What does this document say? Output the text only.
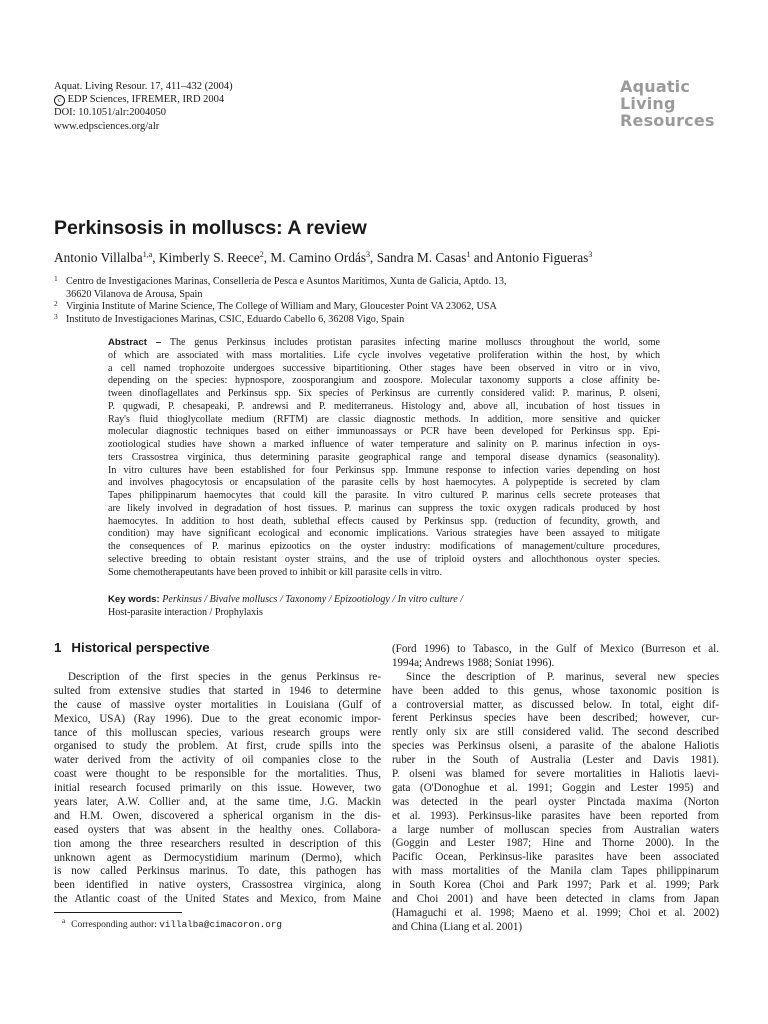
Aquat. Living Resour. 17, 411–432 (2004)
c EDP Sciences, IFREMER, IRD 2004
DOI: 10.1051/alr:2004050
www.edpsciences.org/alr
Aquatic
Living
Resources
Perkinsosis in molluscs: A review
Antonio Villalba$^{1,a}$, Kimberly S. Reece$^2$, M. Camino Ordás$^3$, Sandra M. Casas$^1$ and Antonio Figueras$^3$
1 Centro de Investigaciones Marinas, Consellería de Pesca e Asuntos Marítimos, Xunta de Galicia, Aptdo. 13,
36620 Vilanova de Arousa, Spain
2 Virginia Institute of Marine Science, The College of William and Mary, Gloucester Point VA 23062, USA
3 Instituto de Investigaciones Marinas, CSIC, Eduardo Cabello 6, 36208 Vigo, Spain
Abstract – The genus Perkinsus includes protistan parasites infecting marine molluscs throughout the world, some
of which are associated with mass mortalities. Life cycle involves vegetative proliferation within the host, by which
a cell named trophozoite undergoes successive bipartitioning. Other stages have been observed in vitro or in vivo,
depending on the species: hypnospore, zoosporangium and zoospore. Molecular taxonomy supports a close affinity be-
tween dinoflagellates and Perkinsus spp. Six species of Perkinsus are currently considered valid: P. marinus, P. olseni,
P. qugwadi, P. chesapeaki, P. andrewsi and P. mediterraneus. Histology and, above all, incubation of host tissues in
Ray's fluid thioglycollate medium (RFTM) are classic diagnostic methods. In addition, more sensitive and quicker
molecular diagnostic techniques based on either immunoassays or PCR have been developed for Perkinsus spp. Epi-
zootiological studies have shown a marked influence of water temperature and salinity on P. marinus infection in oys-
ters Crassostrea virginica, thus determining parasite geographical range and temporal disease dynamics (seasonality).
In vitro cultures have been established for four Perkinsus spp. Immune response to infection varies depending on host
and involves phagocytosis or encapsulation of the parasite cells by host haemocytes. A polypeptide is secreted by clam
Tapes philippinarum haemocytes that could kill the parasite. In vitro cultured P. marinus cells secrete proteases that
are likely involved in degradation of host tissues. P. marinus can suppress the toxic oxygen radicals produced by host
haemocytes. In addition to host death, sublethal effects caused by Perkinsus spp. (reduction of fecundity, growth, and
condition) may have significant ecological and economic implications. Various strategies have been assayed to mitigate
the consequences of P. marinus epizootics on the oyster industry: modifications of management/culture procedures,
selective breeding to obtain resistant oyster strains, and the use of triploid oysters and allochthonous oyster species.
Some chemotherapeutants have been proved to inhibit or kill parasite cells in vitro.
Key words: Perkinsus / Bivalve molluscs / Taxonomy / Epizootiology / In vitro culture /
Host-parasite interaction / Prophylaxis
1 Historical perspective
Description of the first species in the genus Perkinsus re-
sulted from extensive studies that started in 1946 to determine
the cause of massive oyster mortalities in Louisiana (Gulf of
Mexico, USA) (Ray 1996). Due to the great economic impor-
tance of this molluscan species, various research groups were
organised to study the problem. At first, crude spills into the
water derived from the activity of oil companies close to the
coast were thought to be responsible for the mortalities. Thus,
initial research focused primarily on this issue. However, two
years later, A.W. Collier and, at the same time, J.G. Mackin
and H.M. Owen, discovered a spherical organism in the dis-
eased oysters that was absent in the healthy ones. Collabora-
tion among the three researchers resulted in description of this
unknown agent as Dermocystidium marinum (Dermo), which
is now called Perkinsus marinus. To date, this pathogen has
been identified in native oysters, Crassostrea virginica, along
the Atlantic coast of the United States and Mexico, from Maine
(Ford 1996) to Tabasco, in the Gulf of Mexico (Burreson et al.
1994a; Andrews 1988; Soniat 1996).
Since the description of P. marinus, several new species
have been added to this genus, whose taxonomic position is
a controversial matter, as discussed below. In total, eight dif-
ferent Perkinsus species have been described; however, cur-
rently only six are still considered valid. The second described
species was Perkinsus olseni, a parasite of the abalone Haliotis
ruber in the South of Australia (Lester and Davis 1981).
P. olseni was blamed for severe mortalities in Haliotis laevi-
gata (O'Donoghue et al. 1991; Goggin and Lester 1995) and
was detected in the pearl oyster Pinctada maxima (Norton
et al. 1993). Perkinsus-like parasites have been reported from
a large number of molluscan species from Australian waters
(Goggin and Lester 1987; Hine and Thorne 2000). In the
Pacific Ocean, Perkinsus-like parasites have been associated
with mass mortalities of the Manila clam Tapes philippinarum
in South Korea (Choi and Park 1997; Park et al. 1999; Park
and Choi 2001) and have been detected in clams from Japan
(Hamaguchi et al. 1998; Maeno et al. 1999; Choi et al. 2002)
and China (Liang et al. 2001)
$^a$ Corresponding author: villalba@cimacoron.org
